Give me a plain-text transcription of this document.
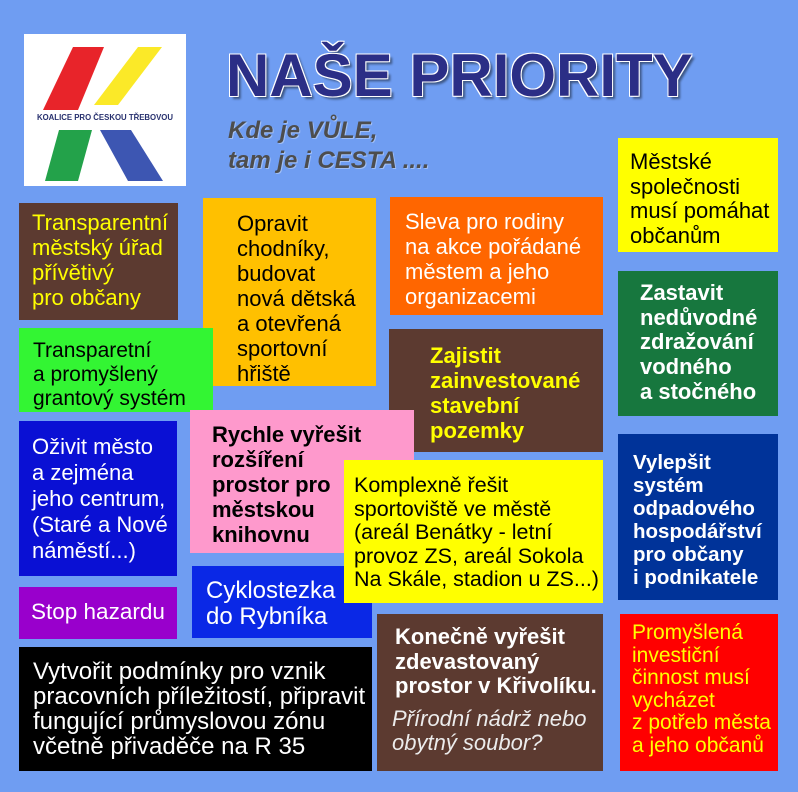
KOALICE PRO ČESKOU TŘEBOVOU
NAŠE PRIORITY
Kde je VŮLE,
tam je i CESTA ....	Městské
společnosti
musí pomáhat
občanům
Transparentní
městský úřad
přívětivý
pro občany
Opravit
chodníky,
budovat
nová dětská
a otevřená
sportovní
hřiště
Sleva pro rodiny
na akce pořádané
městem a jeho
organizacemi	Zastavit
nedůvodné
zdražování
vodného
a stočného
Transparetní
a promyšlený
grantový systém
Zajistit
zainvestované
stavební
pozemky
Oživit město
a zejména
jeho centrum,
(Staré a Nové
náměstí...)
Rychle vyřešit
rozšíření
prostor pro
městskou
knihovnu
Vylepšit
systém
odpadového
hospodářství
pro občany
i podnikatele
Komplexně řešit
sportoviště ve městě
(areál Benátky - letní
provoz ZS, areál Sokola
Na Skále, stadion u ZS...)
Cyklostezka
do Rybníka
Stop hazardu
Konečně vyřešit
zdevastovaný
prostor v Křivolíku.
Přírodní nádrž nebo
obytný soubor?
Promyšlená
investiční
činnost musí
vycházet
z potřeb města
a jeho občanů
Vytvořit podmínky pro vznik
pracovních příležitostí, připravit
fungující průmyslovou zónu
včetně přivaděče na R 35
